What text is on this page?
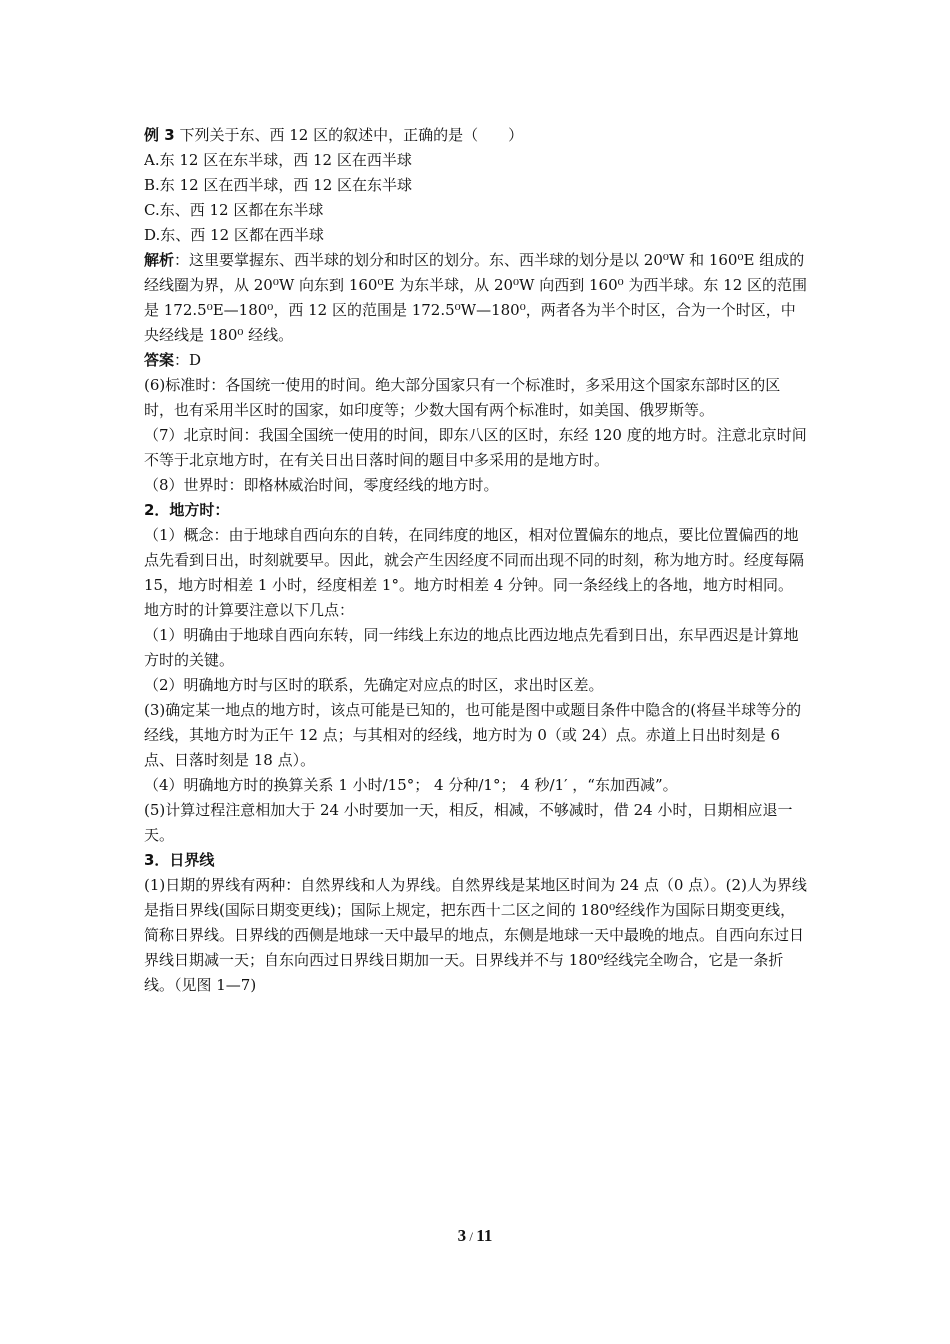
例 3 下列关于东、西 12 区的叙述中，正确的是（　　）
A.东 12 区在东半球，西 12 区在西半球
B.东 12 区在西半球，西 12 区在东半球
C.东、西 12 区都在东半球
D.东、西 12 区都在西半球
解析：这里要掌握东、西半球的划分和时区的划分。东、西半球的划分是以 20⁰W 和 160⁰E 组成的经线圈为界，从 20⁰W 向东到 160⁰E 为东半球，从 20⁰W 向西到 160⁰ 为西半球。东 12 区的范围是 172.5⁰E—180⁰，西 12 区的范围是 172.5⁰W—180⁰，两者各为半个时区，合为一个时区，中央经线是 180⁰ 经线。
答案：D
(6)标准时：各国统一使用的时间。绝大部分国家只有一个标准时，多采用这个国家东部时区的区时，也有采用半区时的国家，如印度等；少数大国有两个标准时，如美国、俄罗斯等。
（7）北京时间：我国全国统一使用的时间，即东八区的区时，东经 120 度的地方时。注意北京时间不等于北京地方时，在有关日出日落时间的题目中多采用的是地方时。
（8）世界时：即格林威治时间，零度经线的地方时。
2．地方时：
（1）概念：由于地球自西向东的自转，在同纬度的地区，相对位置偏东的地点，要比位置偏西的地点先看到日出，时刻就要早。因此，就会产生因经度不同而出现不同的时刻，称为地方时。经度每隔 15，地方时相差 1 小时，经度相差 1°。地方时相差 4 分钟。同一条经线上的各地，地方时相同。
地方时的计算要注意以下几点：
（1）明确由于地球自西向东转，同一纬线上东边的地点比西边地点先看到日出，东早西迟是计算地方时的关键。
（2）明确地方时与区时的联系，先确定对应点的时区，求出时区差。
(3)确定某一地点的地方时，该点可能是已知的，也可能是图中或题目条件中隐含的(将昼半球等分的经线，其地方时为正午 12 点；与其相对的经线，地方时为 0（或 24）点。赤道上日出时刻是 6 点、日落时刻是 18 点）。
（4）明确地方时的换算关系 1 小时/15°； 4 分种/1°； 4 秒/1′ ，“东加西减”。
(5)计算过程注意相加大于 24 小时要加一天，相反，相减，不够减时，借 24 小时，日期相应退一天。
3．日界线
(1)日期的界线有两种：自然界线和人为界线。自然界线是某地区时间为 24 点（0 点）。(2)人为界线是指日界线(国际日期变更线)；国际上规定，把东西十二区之间的 180⁰经线作为国际日期变更线，简称日界线。日界线的西侧是地球一天中最早的地点，东侧是地球一天中最晚的地点。自西向东过日界线日期减一天；自东向西过日界线日期加一天。日界线并不与 180⁰经线完全吻合，它是一条折线。（见图 1—7)
3 / 11
